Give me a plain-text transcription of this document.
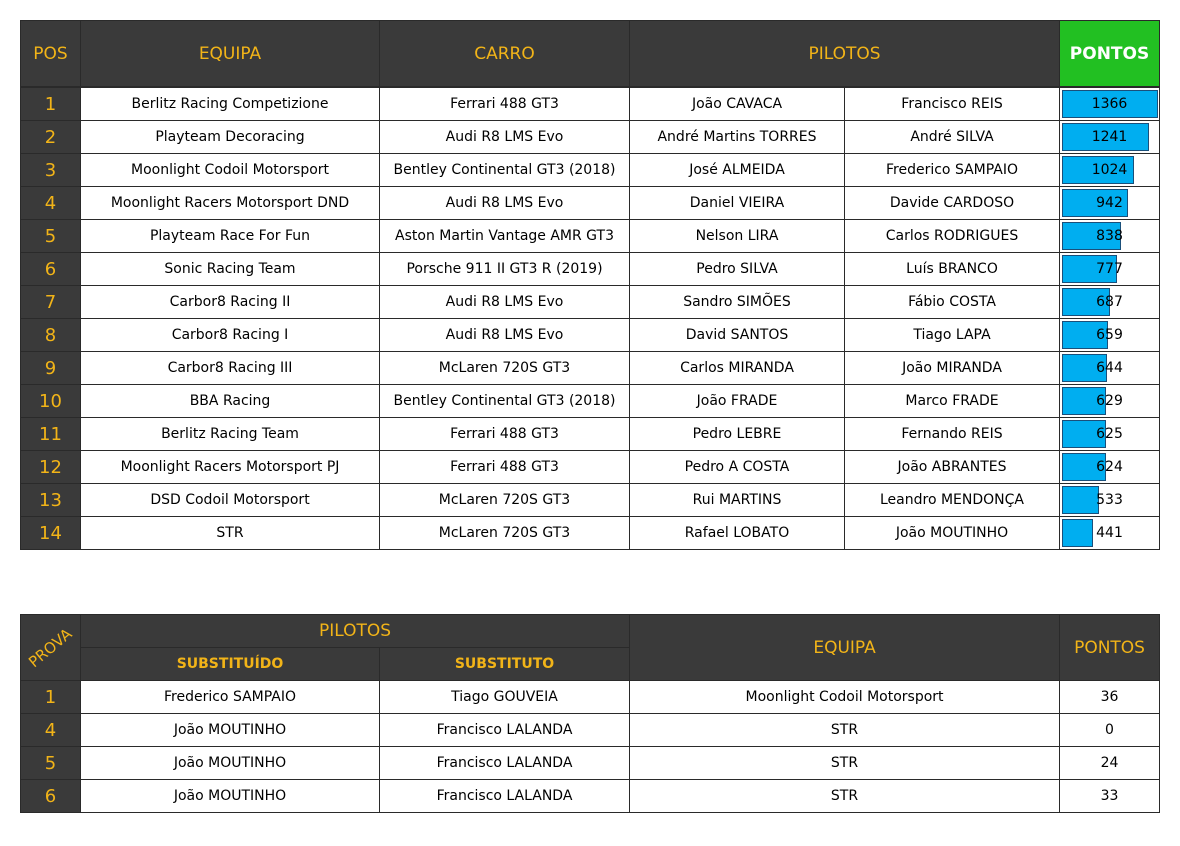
POS	EQUIPA	CARRO	PILOTOS		PONTOS

1	Berlitz Racing Competizione	Ferrari 488 GT3	João CAVACA	Francisco REIS	1366
2	Playteam Decoracing	Audi R8 LMS Evo	André Martins TORRES	André SILVA	1241
3	Moonlight Codoil Motorsport	Bentley Continental GT3 (2018)	José ALMEIDA	Frederico SAMPAIO	1024
4	Moonlight Racers Motorsport DND	Audi R8 LMS Evo	Daniel VIEIRA	Davide CARDOSO	942
5	Playteam Race For Fun	Aston Martin Vantage AMR GT3	Nelson LIRA	Carlos RODRIGUES	838
6	Sonic Racing Team	Porsche 911 II GT3 R (2019)	Pedro SILVA	Luís BRANCO	777
7	Carbor8 Racing II	Audi R8 LMS Evo	Sandro SIMÕES	Fábio COSTA	687
8	Carbor8 Racing I	Audi R8 LMS Evo	David SANTOS	Tiago LAPA	659
9	Carbor8 Racing III	McLaren 720S GT3	Carlos MIRANDA	João MIRANDA	644
10	BBA Racing	Bentley Continental GT3 (2018)	João FRADE	Marco FRADE	629
11	Berlitz Racing Team	Ferrari 488 GT3	Pedro LEBRE	Fernando REIS	625
12	Moonlight Racers Motorsport PJ	Ferrari 488 GT3	Pedro A COSTA	João ABRANTES	624
13	DSD Codoil Motorsport	McLaren 720S GT3	Rui MARTINS	Leandro MENDONÇA	533
14	STR	McLaren 720S GT3	Rafael LOBATO	João MOUTINHO	441
PROVA	PILOTOS		EQUIPA	PONTOS
	SUBSTITUÍDO	SUBSTITUTO		
1	Frederico SAMPAIO	Tiago GOUVEIA	Moonlight Codoil Motorsport	36
4	João MOUTINHO	Francisco LALANDA	STR	0
5	João MOUTINHO	Francisco LALANDA	STR	24
6	João MOUTINHO	Francisco LALANDA	STR	33
